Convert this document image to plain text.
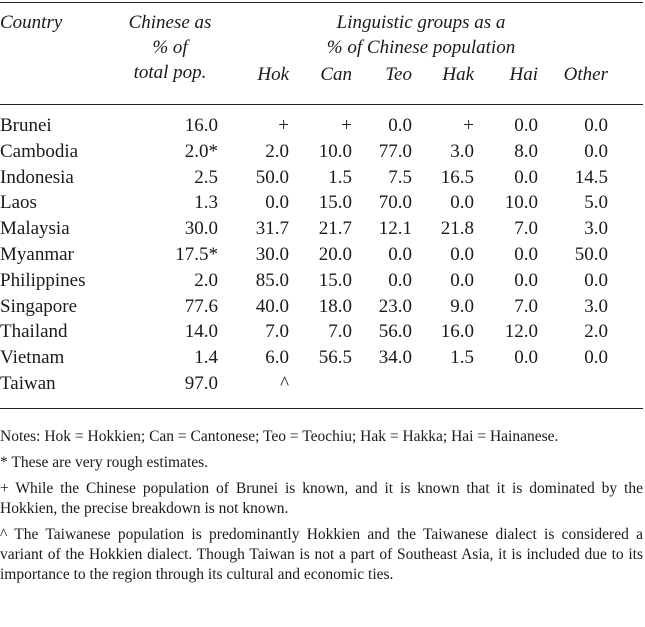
Country	Chinese as
% of
total pop.
Linguistic groups as a
% of Chinese population
Hok	Can	Teo	Hak	Hai	Other
Brunei	16.0	+	+	0.0	+	0.0	0.0	
Cambodia	2.0*	2.0	10.0	77.0	3.0	8.0	0.0	
Indonesia	2.5	50.0	1.5	7.5	16.5	0.0	14.5	
Laos	1.3	0.0	15.0	70.0	0.0	10.0	5.0	
Malaysia	30.0	31.7	21.7	12.1	21.8	7.0	3.0	
Myanmar	17.5*	30.0	20.0	0.0	0.0	0.0	50.0	
Philippines	2.0	85.0	15.0	0.0	0.0	0.0	0.0	
Singapore	77.6	40.0	18.0	23.0	9.0	7.0	3.0	
Thailand	14.0	7.0	7.0	56.0	16.0	12.0	2.0	
Vietnam	1.4	6.0	56.5	34.0	1.5	0.0	0.0	
Taiwan	97.0	^						

Notes: Hok = Hokkien; Can = Cantonese; Teo = Teochiu; Hak = Hakka; Hai = Hainanese.

* These are very rough estimates.

+ While the Chinese population of Brunei is known, and it is known that it is dominated by the Hokkien, the precise breakdown is not known.

^ The Taiwanese population is predominantly Hokkien and the Taiwanese dialect is considered a variant of the Hokkien dialect. Though Taiwan is not a part of Southeast Asia, it is included due to its importance to the region through its cultural and economic ties.
